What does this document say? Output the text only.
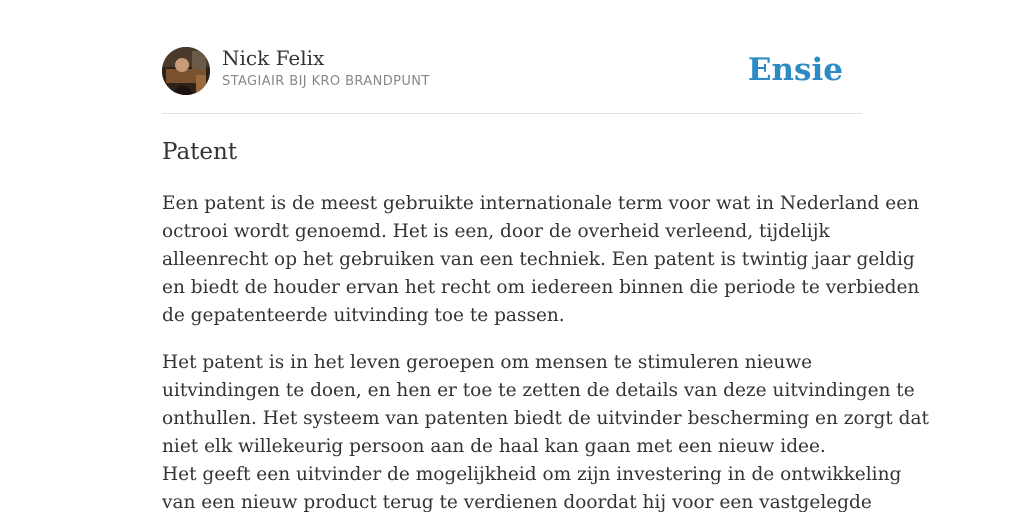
Nick Felix
STAGIAIR BIJ KRO BRANDPUNT	Ensie
Patent

Een patent is de meest gebruikte internationale term voor wat in Nederland een
octrooi wordt genoemd. Het is een, door de overheid verleend, tijdelijk
alleenrecht op het gebruiken van een techniek. Een patent is twintig jaar geldig
en biedt de houder ervan het recht om iedereen binnen die periode te verbieden
de gepatenteerde uitvinding toe te passen.

Het patent is in het leven geroepen om mensen te stimuleren nieuwe
uitvindingen te doen, en hen er toe te zetten de details van deze uitvindingen te
onthullen. Het systeem van patenten biedt de uitvinder bescherming en zorgt dat
niet elk willekeurig persoon aan de haal kan gaan met een nieuw idee.
Het geeft een uitvinder de mogelijkheid om zijn investering in de ontwikkeling
van een nieuw product terug te verdienen doordat hij voor een vastgelegde
